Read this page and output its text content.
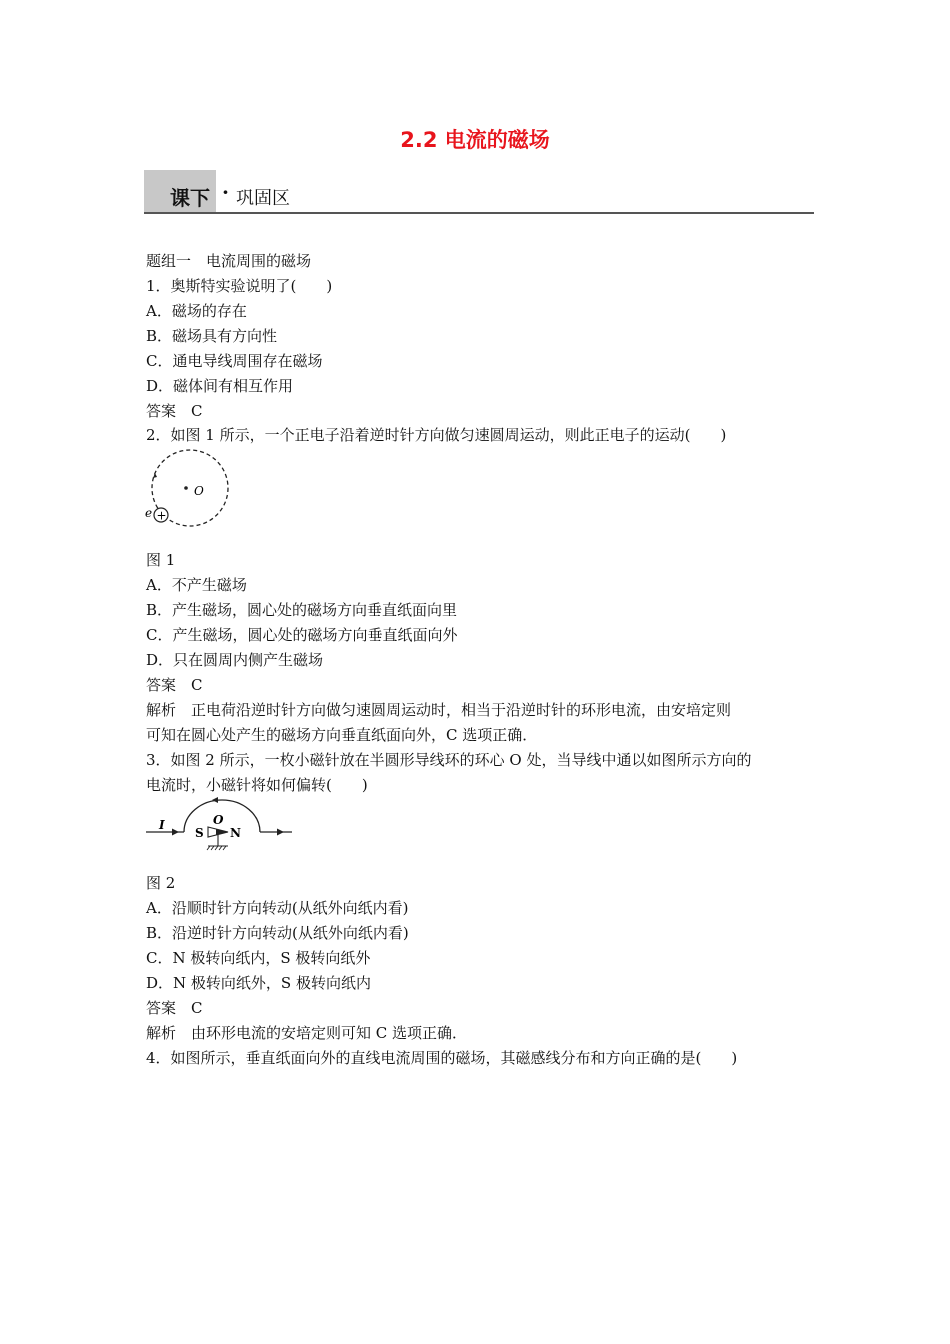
2.2 电流的磁场
课下 · 巩固区
题组一　电流周围的磁场
1．奥斯特实验说明了(　　)
A．磁场的存在
B．磁场具有方向性
C．通电导线周围存在磁场
D．磁体间有相互作用
答案　C
2．如图 1 所示，一个正电子沿着逆时针方向做匀速圆周运动，则此正电子的运动(　　)
O
e +
图 1
A．不产生磁场
B．产生磁场，圆心处的磁场方向垂直纸面向里
C．产生磁场，圆心处的磁场方向垂直纸面向外
D．只在圆周内侧产生磁场
答案　C
解析　正电荷沿逆时针方向做匀速圆周运动时，相当于沿逆时针的环形电流，由安培定则
可知在圆心处产生的磁场方向垂直纸面向外，C 选项正确．
3．如图 2 所示，一枚小磁针放在半圆形导线环的环心 O 处，当导线中通以如图所示方向的
电流时，小磁针将如何偏转(　　)
I	O
S N
图 2
A．沿顺时针方向转动(从纸外向纸内看)
B．沿逆时针方向转动(从纸外向纸内看)
C．N 极转向纸内，S 极转向纸外
D．N 极转向纸外，S 极转向纸内
答案　C
解析　由环形电流的安培定则可知 C 选项正确．
4．如图所示，垂直纸面向外的直线电流周围的磁场，其磁感线分布和方向正确的是(　　)
